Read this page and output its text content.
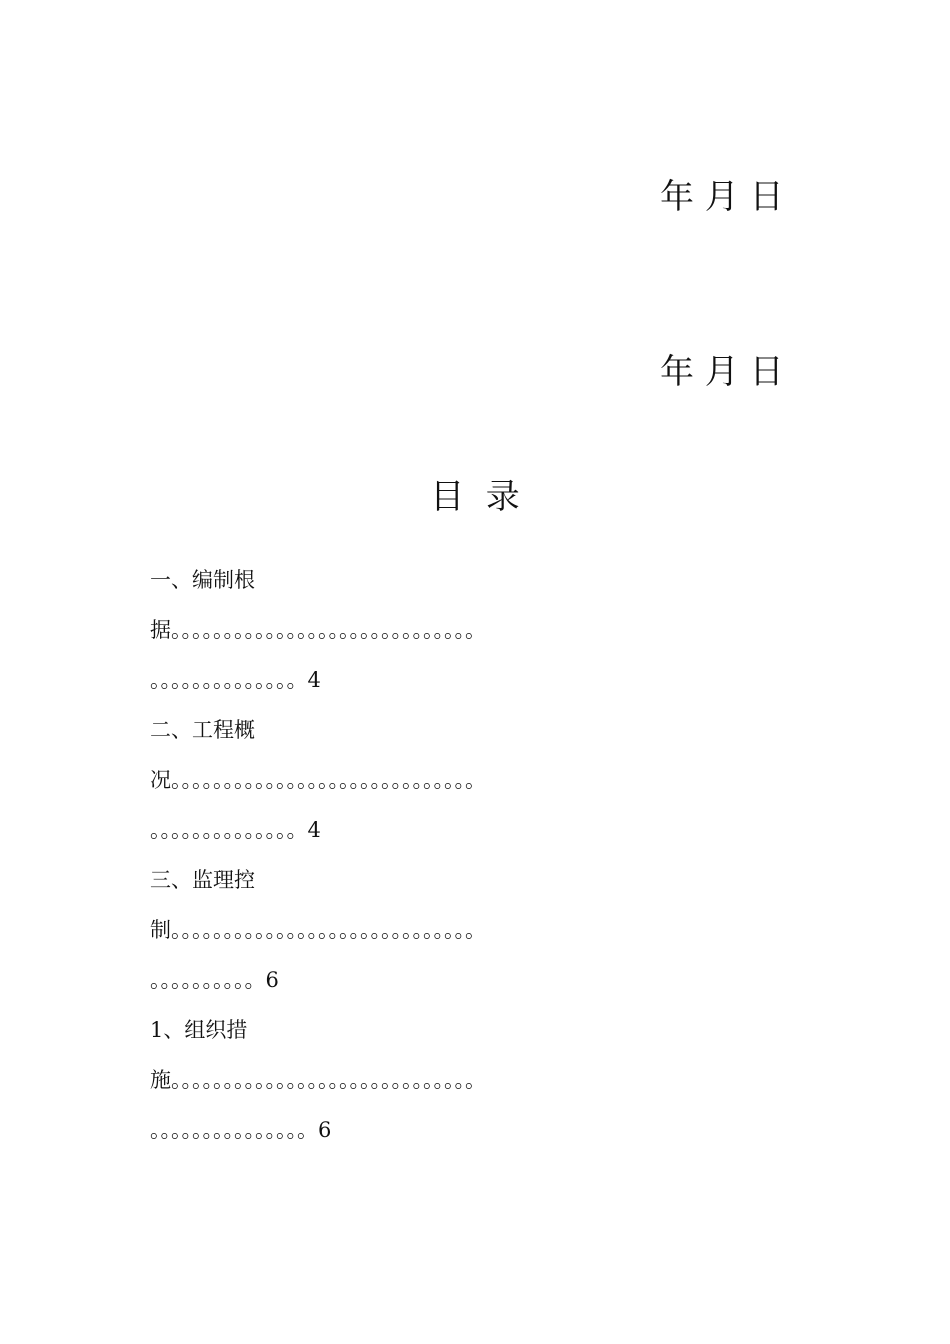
年 月 日
年 月 日
目  录
一、编制根
据。。。。。。。。。。。。。。。。。。。。。。。。。。。。。
。。。。。。。。。。。。。。4
二、工程概
况。。。。。。。。。。。。。。。。。。。。。。。。。。。。。
。。。。。。。。。。。。。。4
三、监理控
制。。。。。。。。。。。。。。。。。。。。。。。。。。。。。
。。。。。。。。。。6
1、组织措
施。。。。。。。。。。。。。。。。。。。。。。。。。。。。。
。。。。。。。。。。。。。。。6
